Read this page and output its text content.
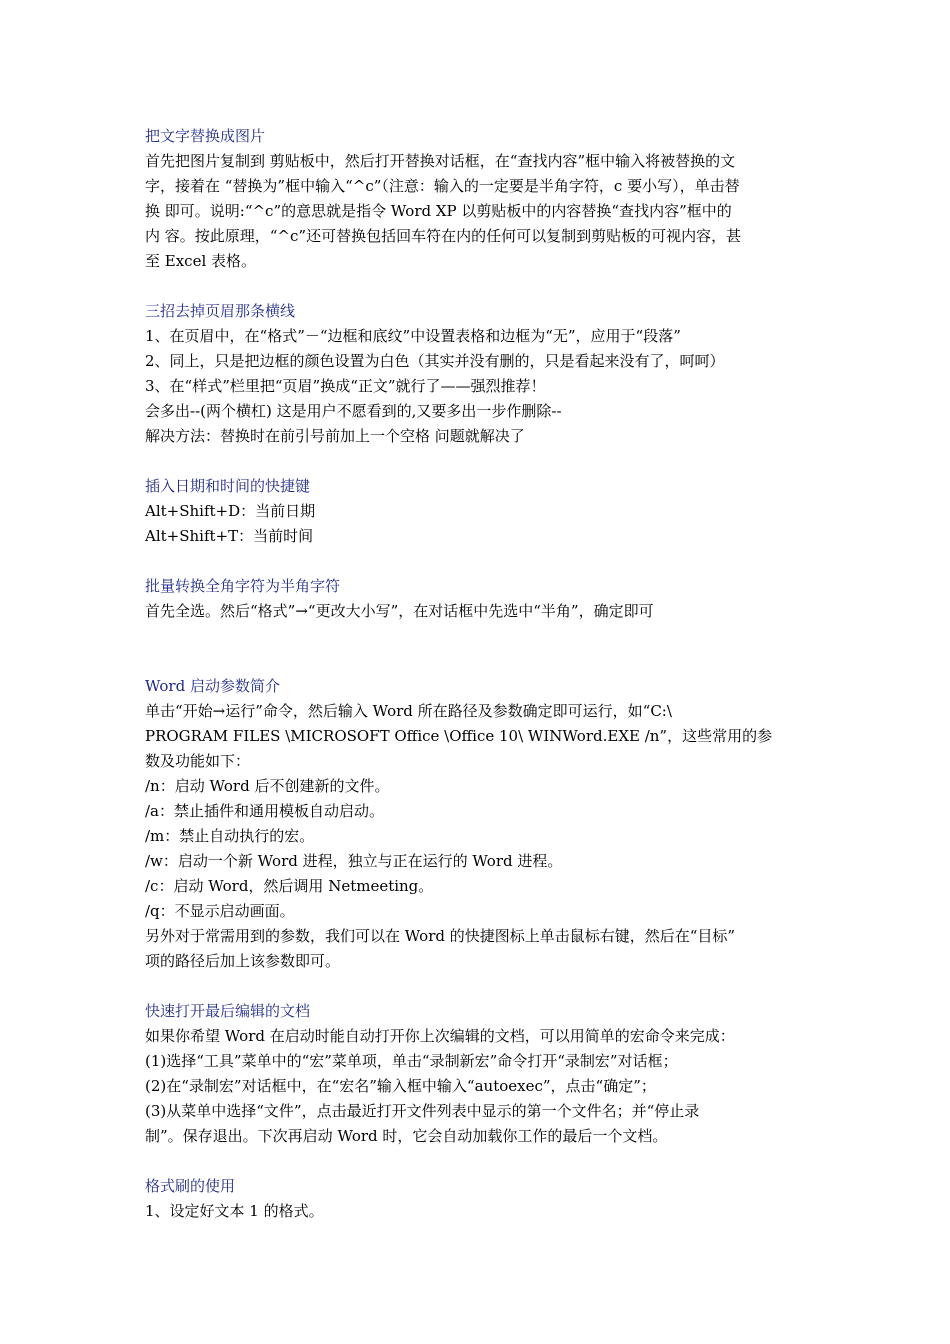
把文字替换成图片
首先把图片复制到 剪贴板中，然后打开替换对话框，在“查找内容”框中输入将被替换的文
字，接着在 “替换为”框中输入“^c”（注意：输入的一定要是半角字符，c 要小写），单击替
换 即可。说明:“^c”的意思就是指令 Word XP 以剪贴板中的内容替换“查找内容”框中的
内 容。按此原理，“^c”还可替换包括回车符在内的任何可以复制到剪贴板的可视内容，甚
至 Excel 表格。
三招去掉页眉那条横线
1、在页眉中，在“格式”－“边框和底纹”中设置表格和边框为“无”，应用于“段落”
2、同上，只是把边框的颜色设置为白色（其实并没有删的，只是看起来没有了，呵呵）
3、在“样式”栏里把“页眉”换成“正文”就行了——强烈推荐！
会多出--(两个横杠) 这是用户不愿看到的,又要多出一步作删除--
解决方法：替换时在前引号前加上一个空格 问题就解决了
插入日期和时间的快捷键
Alt+Shift+D：当前日期
Alt+Shift+T：当前时间
批量转换全角字符为半角字符
首先全选。然后“格式”→“更改大小写”，在对话框中先选中“半角”，确定即可
Word 启动参数简介
单击“开始→运行”命令，然后输入 Word 所在路径及参数确定即可运行，如“C:\
PROGRAM FILES \MICROSOFT Office \Office 10\ WINWord.EXE /n”，这些常用的参
数及功能如下：
/n：启动 Word 后不创建新的文件。
/a：禁止插件和通用模板自动启动。
/m：禁止自动执行的宏。
/w：启动一个新 Word 进程，独立与正在运行的 Word 进程。
/c：启动 Word，然后调用 Netmeeting。
/q：不显示启动画面。
另外对于常需用到的参数，我们可以在 Word 的快捷图标上单击鼠标右键，然后在“目标”
项的路径后加上该参数即可。
快速打开最后编辑的文档
如果你希望 Word 在启动时能自动打开你上次编辑的文档，可以用简单的宏命令来完成：
(1)选择“工具”菜单中的“宏”菜单项，单击“录制新宏”命令打开“录制宏”对话框；
(2)在“录制宏”对话框中，在“宏名”输入框中输入“autoexec”，点击“确定”；
(3)从菜单中选择“文件”，点击最近打开文件列表中显示的第一个文件名；并“停止录
制”。保存退出。下次再启动 Word 时，它会自动加载你工作的最后一个文档。
格式刷的使用
1、设定好文本 1 的格式。
